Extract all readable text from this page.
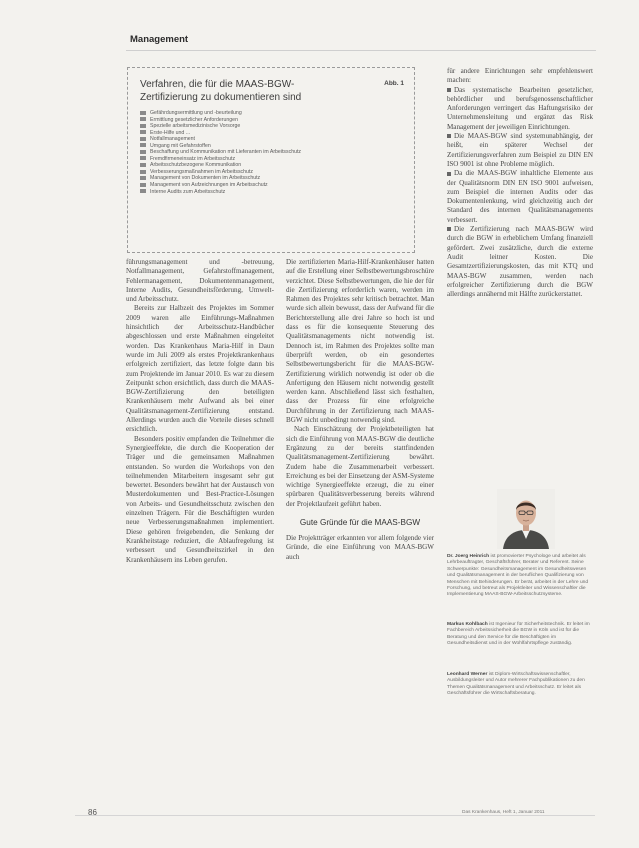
Management
Verfahren, die für die MAAS-BGW-Zertifizierung zu dokumentieren sind
Abb. 1
Gefährdungsermittlung und -beurteilung
Ermittlung gesetzlicher Anforderungen
Spezielle arbeitsmedizinische Vorsorge
Erste-Hilfe und ...
Notfallmanagement
Umgang mit Gefahrstoffen
Beschaffung und Kommunikation mit Lieferanten im Arbeitsschutz
Fremdfirmeneinsatz im Arbeitsschutz
Arbeitsschutzbezogene Kommunikation
Verbesserungsmaßnahmen im Arbeitsschutz
Management von Dokumenten im Arbeitsschutz
Management von Aufzeichnungen im Arbeitsschutz
Interne Audits zum Arbeitsschutz

führungsmanagement und -betreuung, Notfallmanagement, Gefahrstoffmanagement, Fehlermanagement, Dokumentenmanagement, Interne Audits, Gesundheitsförderung, Umwelt- und Arbeitsschutz.

Bereits zur Halbzeit des Projektes im Sommer 2009 waren alle Einführungs-Maßnahmen hinsichtlich der Arbeitsschutz-Handbücher abgeschlossen und erste Maßnahmen eingeleitet worden. Das Krankenhaus Maria-Hilf in Daun wurde im Juli 2009 als erstes Projektkrankenhaus erfolgreich zertifiziert, das letzte folgte dann bis zum Projektende im Januar 2010. Es war zu diesem Zeitpunkt schon ersichtlich, dass durch die MAAS-BGW-Zertifizierung den beteiligten Krankenhäusern mehr Aufwand als bei einer Qualitätsmanagement-Zertifizierung entstand. Allerdings wurden auch die Vorteile dieses schnell ersichtlich.

Besonders positiv empfanden die Teilnehmer die Synergieeffekte, die durch die Kooperation der Träger und die gemeinsamen Maßnahmen entstanden. So wurden die Workshops von den teilnehmenden Mitarbeitern insgesamt sehr gut bewertet. Besonders bewährt hat der Austausch von Musterdokumenten und Best-Practice-Lösungen von Arbeits- und Gesundheitsschutz zwischen den einzelnen Trägern. Für die Beschäftigten wurden neue Verbesserungsmaßnahmen implementiert. Diese gehören freigebenden, die Senkung der Krankheitstage reduziert, die Ablaufregelung ist verbessert und Gesundheitszirkel in den Krankenhäusern ins Leben gerufen.

Die zertifizierten Maria-Hilf-Krankenhäuser hatten auf die Erstellung einer Selbstbewertungsbroschüre verzichtet. Diese Selbstbewertungen, die hie der für die Zertifizierung erforderlich waren, werden im Rahmen des Projektes sehr kritisch betrachtet. Man wurde sich allein bewusst, dass der Aufwand für die Berichterstellung alle drei Jahre so hoch ist und dass es für die konsequente Steuerung des Qualitätsmanagements nicht notwendig ist. Dennoch ist, im Rahmen des Projektes sollte man überprüft werden, ob ein gesondertes Selbstbewertungsbericht für die MAAS-BGW-Zertifizierung wirklich notwendig ist oder ob die Anfertigung den Häusern nicht notwendig gestellt werden kann. Abschließend lässt sich festhalten, dass der Prozess für eine erfolgreiche Durchführung in der Zertifizierung nach MAAS-BGW nicht unbedingt notwendig sind.

Nach Einschätzung der Projektbeteiligten hat sich die Einführung von MAAS-BGW die deutliche Ergänzung zu der bereits stattfindenden Qualitätsmanagement-Zertifizierung bewährt. Zudem habe die Zusammenarbeit verbessert. Erreichung es bei der Einsetzung der ASM-Systeme wichtige Synergieeffekte erzeugt, die zu einer spürbaren Qualitätsverbesserung bereits während der Projektlaufzeit geführt haben.

Gute Gründe für die MAAS-BGW

Die Projektträger erkannten vor allem folgende vier Gründe, die eine Einführung von MAAS-BGW auch

für andere Einrichtungen sehr empfehlenswert machen:

Das systematische Bearbeiten gesetzlicher, behördlicher und berufsgenossenschaftlicher Anforderungen verringert das Haftungsrisiko der Unternehmensleitung und ergänzt das Risk Management der jeweiligen Einrichtungen.

Die MAAS-BGW sind systemunabhängig, der heißt, ein späterer Wechsel der Zertifizierungsverfahren zum Beispiel zu DIN EN ISO 9001 ist ohne Probleme möglich.

Da die MAAS-BGW inhaltliche Elemente aus der Qualitätsnorm DIN EN ISO 9001 aufweisen, zum Beispiel die internen Audits oder das Dokumentenlenkung, wird gleichzeitig auch der Standard des internen Qualitätsmanagements verbessert.

Die Zertifizierung nach MAAS-BGW wird durch die BGW in erheblichem Umfang finanziell gefördert. Zwei zusätzliche, durch die externe Audit leitner Kosten. Die Gesamtzertifizierungskosten, das mit KTQ und MAAS-BGW zusammen, werden nach erfolgreicher Zertifizierung durch die BGW allerdings annähernd mit Hälfte zurückerstattet.

Dr. Joerg Heinrich ist promovierter Psychologe und arbeitet als Lehrbeauftragter, Geschäftsführer, Berater und Referent. Seine Schwerpunkte: Gesundheitsmanagement im Gesundheitswesen und Qualitätsmanagement in der beruflichen Qualifizierung von Menschen mit Behinderungen. Er berät, arbeitet in der Lehre und Forschung, und betreut als Projektleiter und Wissenschaftler die Implementierung MAAS-BGW-Arbeitsschutzsysteme.
Markus Kohlbach ist Ingenieur für Sicherheitstechnik. Er leitet im Fachbereich Arbeitssicherheit die BGW in Köln und ist für die Beratung und den Service für die Beschäftigten im Gesundheitsdienst und in der Wohlfahrtspflege zuständig.
Leonhard Werner ist Diplom-Wirtschaftswissenschaftler, Ausbildungsleiter und Autor mehrerer Fachpublikationen zu den Themen Qualitätsmanagement und Arbeitsschutz. Er leitet als Geschäftsführer die Wirtschaftsberatung.
86	Das Krankenhaus, Heft 1, Januar 2011
